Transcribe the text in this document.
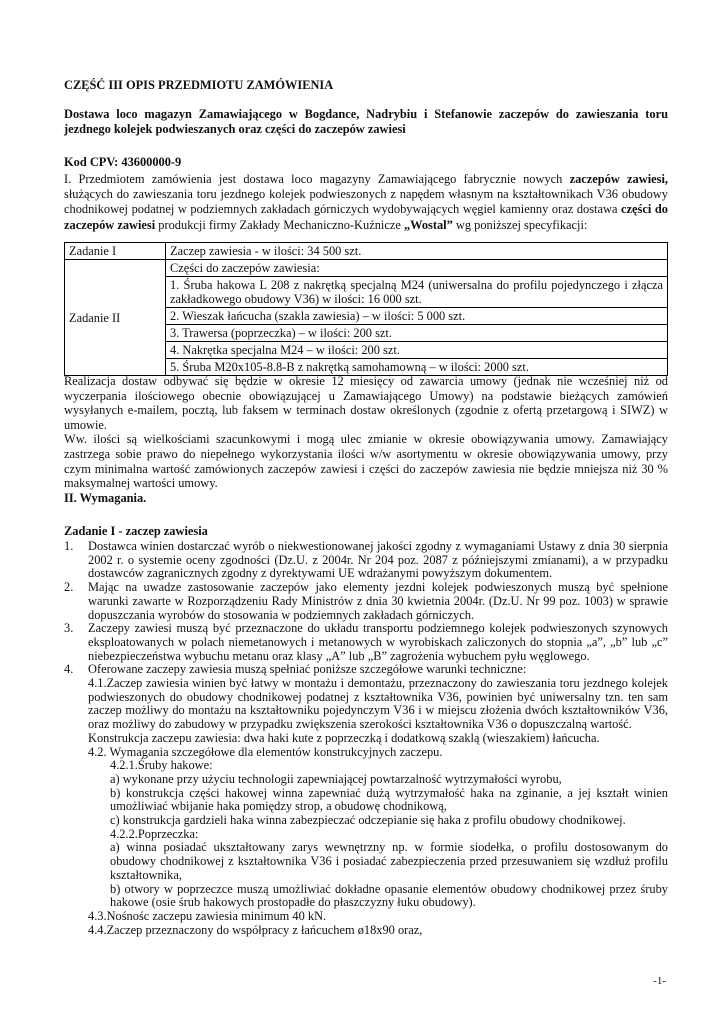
CZĘŚĆ III OPIS PRZEDMIOTU ZAMÓWIENIA
Dostawa loco magazyn Zamawiającego w Bogdance, Nadrybiu i Stefanowie zaczepów do zawieszania toru jezdnego kolejek podwieszanych oraz części do zaczepów zawiesi
Kod CPV: 43600000-9

I. Przedmiotem zamówienia jest dostawa loco magazyny Zamawiającego fabrycznie nowych zaczepów zawiesi, służących do zawieszania toru jezdnego kolejek podwieszonych z napędem własnym na kształtownikach V36 obudowy chodnikowej podatnej w podziemnych zakładach górniczych wydobywających węgiel kamienny oraz dostawa części do zaczepów zawiesi produkcji firmy Zakłady Mechaniczno-Kuźnicze „Wostal” wg poniższej specyfikacji:

Zadanie I	Zaczep zawiesia - w ilości: 34 500 szt.
Zadanie II	Części do zaczepów zawiesia:
	1. Śruba hakowa L 208 z nakrętką specjalną M24 (uniwersalna do profilu pojedynczego i złącza zakładkowego obudowy V36) w ilości: 16 000 szt.
	2. Wieszak łańcucha (szakla zawiesia) – w ilości: 5 000 szt.
	3. Trawersa (poprzeczka) – w ilości: 200 szt.
	4. Nakrętka specjalna M24 – w ilości: 200 szt.
	5. Śruba M20x105-8.8-B z nakrętką samohamowną – w ilości: 2000 szt.

Realizacja dostaw odbywać się będzie w okresie 12 miesięcy od zawarcia umowy (jednak nie wcześniej niż od wyczerpania ilościowego obecnie obowiązującej u Zamawiającego Umowy) na podstawie bieżących zamówień wysyłanych e-mailem, pocztą, lub faksem w terminach dostaw określonych (zgodnie z ofertą przetargową i SIWZ) w umowie.

Ww. ilości są wielkościami szacunkowymi i mogą ulec zmianie w okresie obowiązywania umowy. Zamawiający zastrzega sobie prawo do niepełnego wykorzystania ilości w/w asortymentu w okresie obowiązywania umowy, przy czym minimalna wartość zamówionych zaczepów zawiesi i części do zaczepów zawiesia nie będzie mniejsza niż 30 % maksymalnej wartości umowy.

II. Wymagania.
Zadanie I - zaczep zawiesia
1. Dostawca winien dostarczać wyrób o niekwestionowanej jakości zgodny z wymaganiami Ustawy z dnia 30 sierpnia 2002 r. o systemie oceny zgodności (Dz.U. z 2004r. Nr 204 poz. 2087 z późniejszymi zmianami), a w przypadku dostawców zagranicznych zgodny z dyrektywami UE wdrażanymi powyższym dokumentem.
2. Mając na uwadze zastosowanie zaczepów jako elementy jezdni kolejek podwieszonych muszą być spełnione warunki zawarte w Rozporządzeniu Rady Ministrów z dnia 30 kwietnia 2004r. (Dz.U. Nr 99 poz. 1003) w sprawie dopuszczania wyrobów do stosowania w podziemnych zakładach górniczych.
3. Zaczepy zawiesi muszą być przeznaczone do układu transportu podziemnego kolejek podwieszonych szynowych eksploatowanych w polach niemetanowych i metanowych w wyrobiskach zaliczonych do stopnia „a”, „b” lub „c” niebezpieczeństwa wybuchu metanu oraz klasy „A” lub „B” zagrożenia wybuchem pyłu węglowego.
4. Oferowane zaczepy zawiesia muszą spełniać poniższe szczegółowe warunki techniczne:

4.1.Zaczep zawiesia winien być łatwy w montażu i demontażu, przeznaczony do zawieszania toru jezdnego kolejek podwieszonych do obudowy chodnikowej podatnej z kształtownika V36, powinien być uniwersalny tzn. ten sam zaczep możliwy do montażu na kształtowniku pojedynczym V36 i w miejscu złożenia dwóch kształtowników V36, oraz możliwy do zabudowy w przypadku zwiększenia szerokości kształtownika V36 o dopuszczalną wartość.

Konstrukcja zaczepu zawiesia: dwa haki kute z poprzeczką i dodatkową szaklą (wieszakiem) łańcucha.

4.2. Wymagania szczegółowe dla elementów konstrukcyjnych zaczepu.

4.2.1.Śruby hakowe:

a) wykonane przy użyciu technologii zapewniającej powtarzalność wytrzymałości wyrobu,

b) konstrukcja części hakowej winna zapewniać dużą wytrzymałość haka na zginanie, a jej kształt winien umożliwiać wbijanie haka pomiędzy strop, a obudowę chodnikową,

c) konstrukcja gardzieli haka winna zabezpieczać odczepianie się haka z profilu obudowy chodnikowej.

4.2.2.Poprzeczka:

a) winna posiadać ukształtowany zarys wewnętrzny np. w formie siodełka, o profilu dostosowanym do obudowy chodnikowej z kształtownika V36 i posiadać zabezpieczenia przed przesuwaniem się wzdłuż profilu kształtownika,

b) otwory w poprzeczce muszą umożliwiać dokładne opasanie elementów obudowy chodnikowej przez śruby hakowe (osie śrub hakowych prostopadłe do płaszczyzny łuku obudowy).

4.3.Nośnośc zaczepu zawiesia minimum 40 kN.

4.4.Zaczep przeznaczony do współpracy z łańcuchem ø18x90 oraz,

-1-
